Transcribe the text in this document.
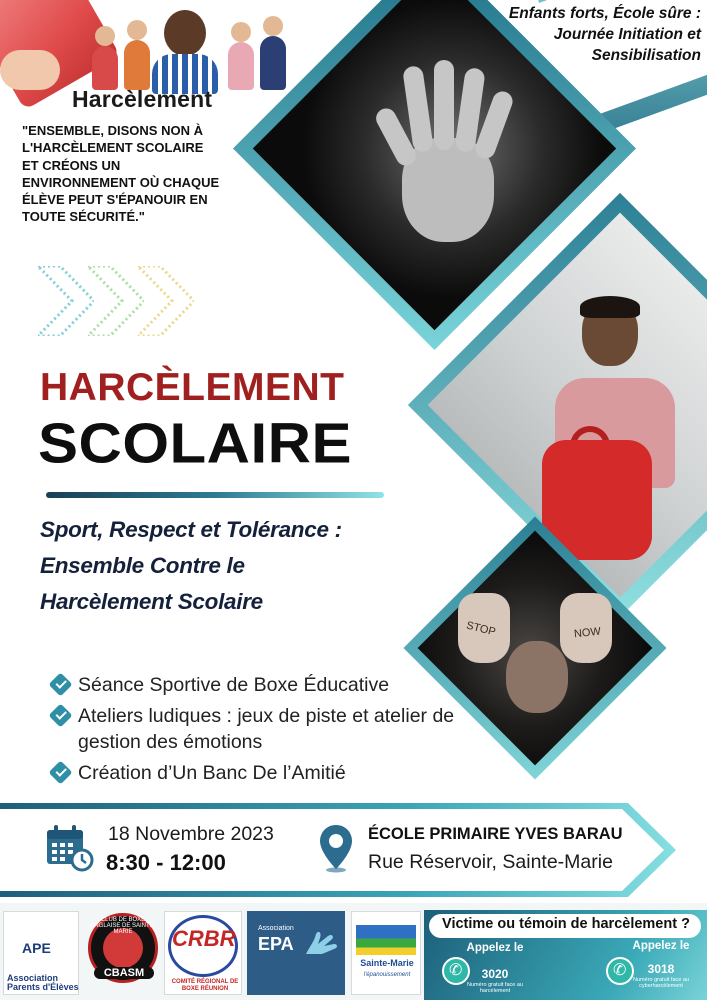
STOP	NOW
Harcèlement
"ENSEMBLE, DISONS NON À L'HARCÈLEMENT SCOLAIRE ET CRÉONS UN ENVIRONNEMENT OÙ CHAQUE ÉLÈVE PEUT S'ÉPANOUIR EN TOUTE SÉCURITÉ."
Enfants forts, École sûre : Journée Initiation et Sensibilisation
HARCÈLEMENT
SCOLAIRE
Sport, Respect et Tolérance : Ensemble Contre le Harcèlement Scolaire
Séance Sportive de Boxe Éducative
Ateliers ludiques : jeux de piste et atelier de gestion des émotions
Création d’Un Banc De l’Amitié
18 Novembre 2023
8:30 - 12:00
ÉCOLE PRIMAIRE YVES BARAU
Rue Réservoir, Sainte-Marie
APE
Association Parents d'Élèves
CLUB DE BOXE ANGLAISE DE SAINTE-MARIE
CBASM
CRBR
COMITÉ RÉGIONAL DE BOXE RÉUNION
Association
EPA
Sainte-Marie
l'épanouissement
Victime ou témoin de harcèlement ?
✆
Appelez le
3020
Numéro gratuit face au harcèlement
✆
Appelez le
3018
Numéro gratuit face au cyberharcèlement
